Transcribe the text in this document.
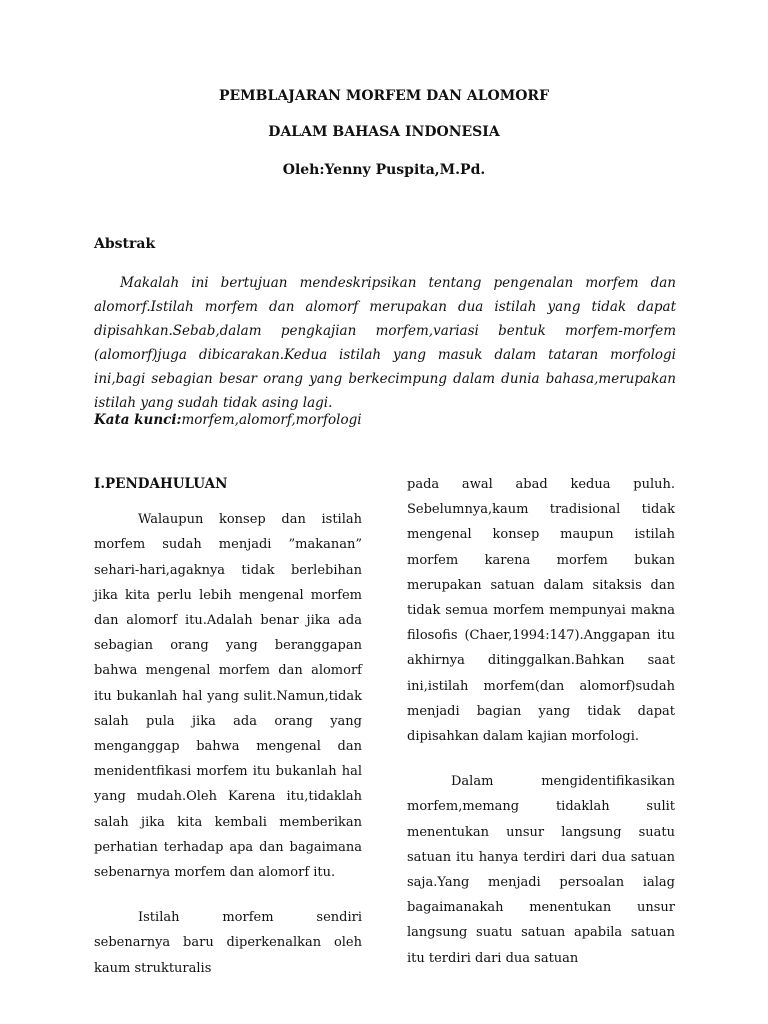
PEMBLAJARAN MORFEM DAN ALOMORF
DALAM BAHASA INDONESIA
Oleh:Yenny Puspita,M.Pd.
Abstrak

Makalah ini bertujuan mendeskripsikan tentang pengenalan morfem dan alomorf.Istilah morfem dan alomorf merupakan dua istilah yang tidak dapat dipisahkan.Sebab,dalam pengkajian morfem,variasi bentuk morfem-morfem (alomorf)juga dibicarakan.Kedua istilah yang masuk dalam tataran morfologi ini,bagi sebagian besar orang yang berkecimpung dalam dunia bahasa,merupakan istilah yang sudah tidak asing lagi.

Kata kunci:morfem,alomorf,morfologi

I.PENDAHULUAN

Walaupun konsep dan istilah morfem sudah menjadi ”makanan” sehari-hari,agaknya tidak berlebihan jika kita perlu lebih mengenal morfem dan alomorf itu.Adalah benar jika ada sebagian orang yang beranggapan bahwa mengenal morfem dan alomorf itu bukanlah hal yang sulit.Namun,tidak salah pula jika ada orang yang menganggap bahwa mengenal dan menidentfikasi morfem itu bukanlah hal yang mudah.Oleh Karena itu,tidaklah salah jika kita kembali memberikan perhatian terhadap apa dan bagaimana sebenarnya morfem dan alomorf itu.

Istilah morfem sendiri sebenarnya baru diperkenalkan oleh kaum strukturalis

pada awal abad kedua puluh. Sebelumnya,kaum tradisional tidak mengenal konsep maupun istilah morfem karena morfem bukan merupakan satuan dalam sitaksis dan tidak semua morfem mempunyai makna filosofis (Chaer,1994:147).Anggapan itu akhirnya ditinggalkan.Bahkan saat ini,istilah morfem(dan alomorf)sudah menjadi bagian yang tidak dapat dipisahkan dalam kajian morfologi.

Dalam mengidentifikasikan morfem,memang tidaklah sulit menentukan unsur langsung suatu satuan itu hanya terdiri dari dua satuan saja.Yang menjadi persoalan ialag bagaimanakah menentukan unsur langsung suatu satuan apabila satuan itu terdiri dari dua satuan
